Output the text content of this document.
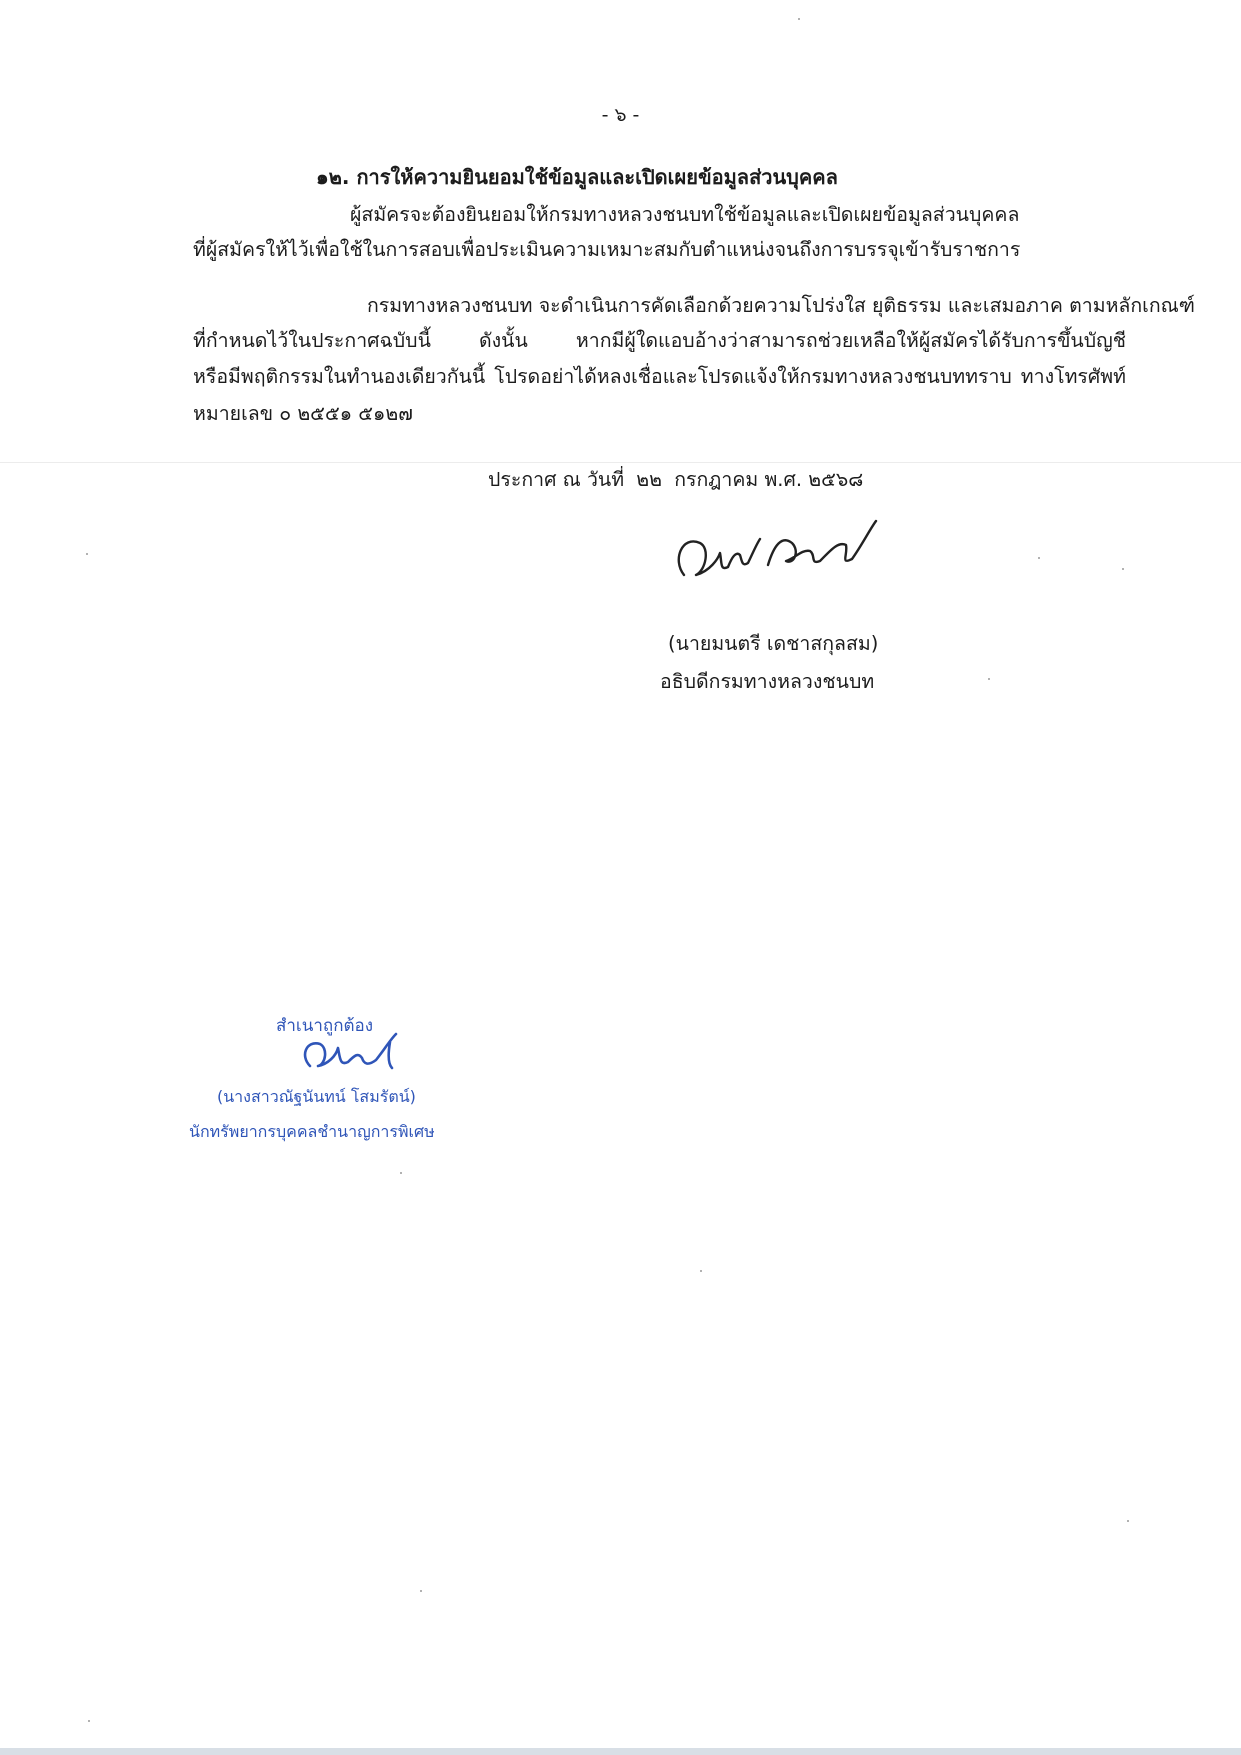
- ๖ -
๑๒. การให้ความยินยอมใช้ข้อมูลและเปิดเผยข้อมูลส่วนบุคคล
ผู้สมัครจะต้องยินยอมให้กรมทางหลวงชนบทใช้ข้อมูลและเปิดเผยข้อมูลส่วนบุคคล
ที่ผู้สมัครให้ไว้เพื่อใช้ในการสอบเพื่อประเมินความเหมาะสมกับตำแหน่งจนถึงการบรรจุเข้ารับราชการ
กรมทางหลวงชนบท จะดำเนินการคัดเลือกด้วยความโปร่งใส ยุติธรรม และเสมอภาค ตามหลักเกณฑ์
ที่กำหนดไว้ในประกาศฉบับนี้ ดังนั้น หากมีผู้ใดแอบอ้างว่าสามารถช่วยเหลือให้ผู้สมัครได้รับการขึ้นบัญชี
หรือมีพฤติกรรมในทำนองเดียวกันนี้ โปรดอย่าได้หลงเชื่อและโปรดแจ้งให้กรมทางหลวงชนบททราบ ทางโทรศัพท์
หมายเลข ๐ ๒๕๕๑ ๕๑๒๗
ประกาศ ณ วันที่ ๒๒ กรกฎาคม พ.ศ. ๒๕๖๘
(นายมนตรี เดชาสกุลสม)
อธิบดีกรมทางหลวงชนบท
สำเนาถูกต้อง
(นางสาวณัฐนันทน์ โสมรัตน์)
นักทรัพยากรบุคคลชำนาญการพิเศษ
